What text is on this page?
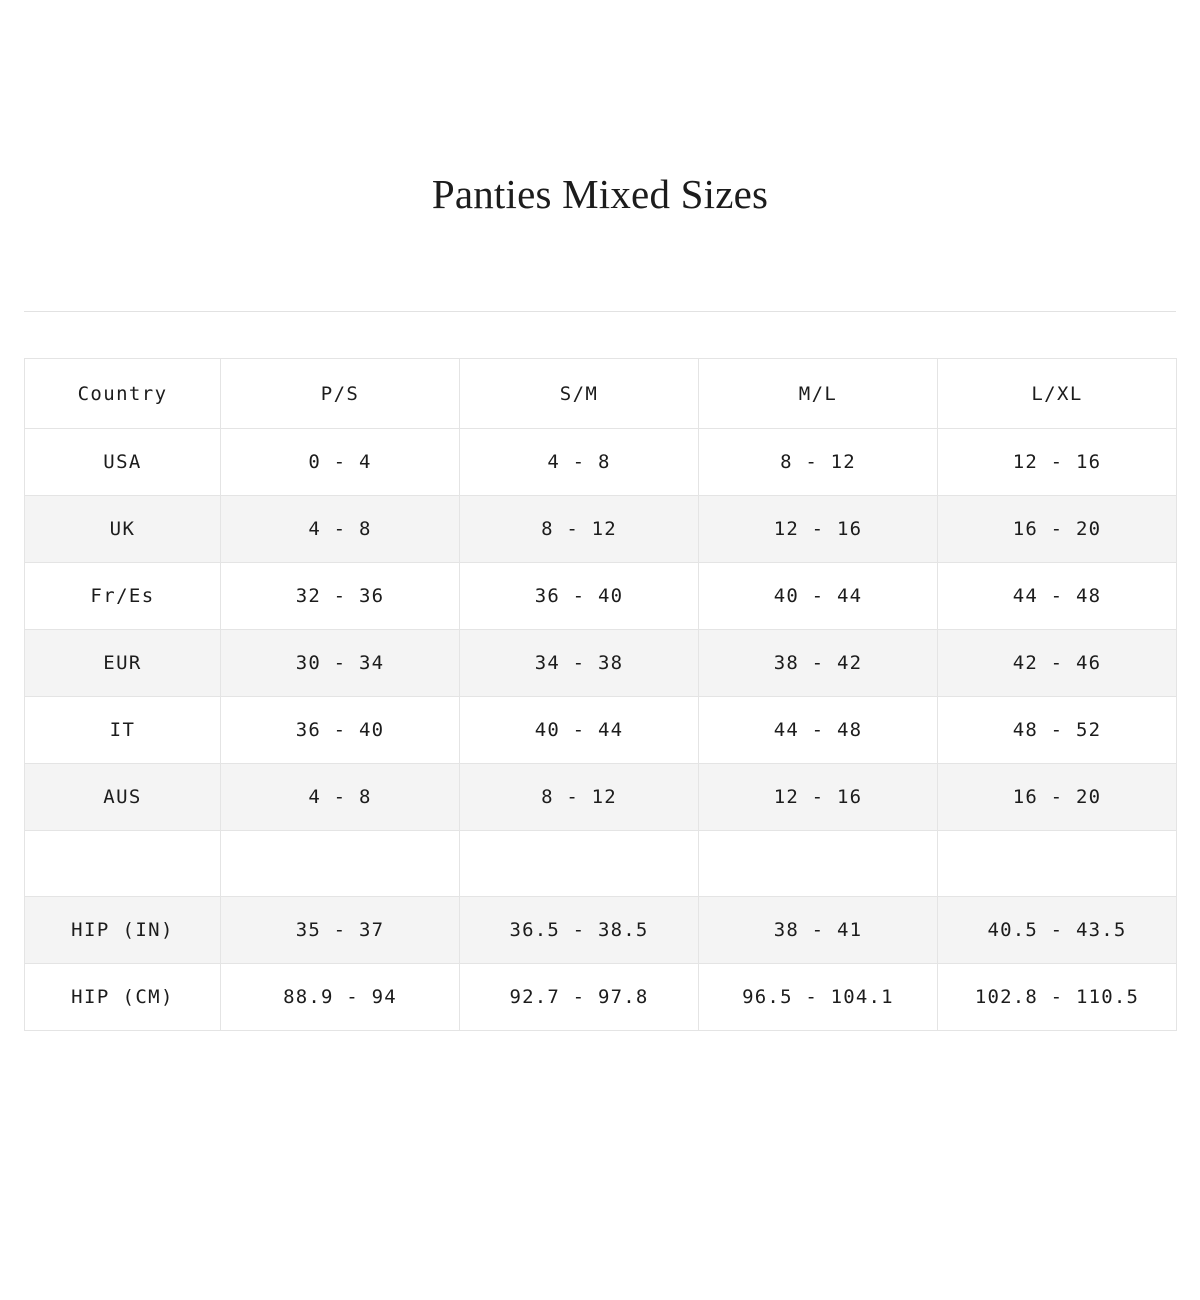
Panties Mixed Sizes
Country	P/S	S/M	M/L	L/XL
USA	0 - 4	4 - 8	8 - 12	12 - 16
UK	4 - 8	8 - 12	12 - 16	16 - 20
Fr/Es	32 - 36	36 - 40	40 - 44	44 - 48
EUR	30 - 34	34 - 38	38 - 42	42 - 46
IT	36 - 40	40 - 44	44 - 48	48 - 52
AUS	4 - 8	8 - 12	12 - 16	16 - 20

HIP (IN)	35 - 37	36.5 - 38.5	38 - 41	40.5 - 43.5
HIP (CM)	88.9 - 94	92.7 - 97.8	96.5 - 104.1	102.8 - 110.5
